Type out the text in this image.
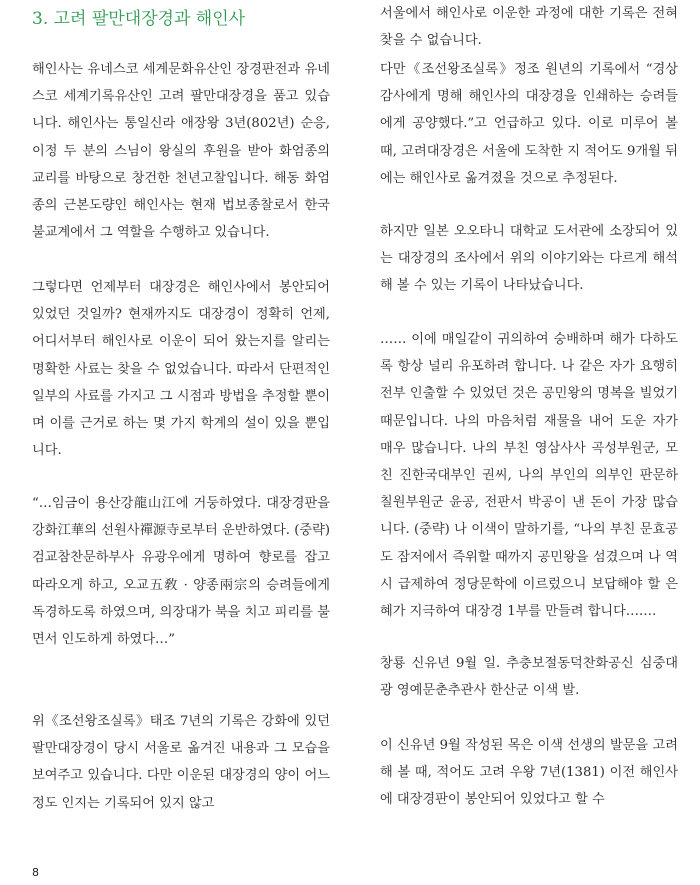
3. 고려 팔만대장경과 해인사

해인사는 유네스코 세계문화유산인 장경판전과 유네스코 세계기록유산인 고려 팔만대장경을 품고 있습니다. 해인사는 통일신라 애장왕 3년(802년) 순응, 이정 두 분의 스님이 왕실의 후원을 받아 화엄종의 교리를 바탕으로 창건한 천년고찰입니다. 해동 화엄종의 근본도량인 해인사는 현재 법보종찰로서 한국 불교계에서 그 역할을 수행하고 있습니다.

그렇다면 언제부터 대장경은 해인사에서 봉안되어 있었던 것일까? 현재까지도 대장경이 정확히 언제, 어디서부터 해인사로 이운이 되어 왔는지를 알리는 명확한 사료는 찾을 수 없었습니다. 따라서 단편적인 일부의 사료를 가지고 그 시점과 방법을 추정할 뿐이며 이를 근거로 하는 몇 가지 학계의 설이 있을 뿐입니다.

“…임금이 용산강龍山江에 거둥하였다. 대장경판을 강화江華의 선원사禪源寺로부터 운반하였다. (중략) 검교참찬문하부사 유광우에게 명하여 향로를 잡고 따라오게 하고, 오교五敎 · 양종兩宗의 승려들에게 독경하도록 하였으며, 의장대가 북을 치고 피리를 불면서 인도하게 하였다…”

위《조선왕조실록》태조 7년의 기록은 강화에 있던 팔만대장경이 당시 서울로 옮겨진 내용과 그 모습을 보여주고 있습니다. 다만 이운된 대장경의 양이 어느 정도 인지는 기록되어 있지 않고

서울에서 해인사로 이운한 과정에 대한 기록은 전혀 찾을 수 없습니다.

다만《조선왕조실록》정조 원년의 기록에서 “경상감사에게 명해 해인사의 대장경을 인쇄하는 승려들에게 공양했다.”고 언급하고 있다. 이로 미루어 볼 때, 고려대장경은 서울에 도착한 지 적어도 9개월 뒤에는 해인사로 옮겨졌을 것으로 추정된다.

하지만 일본 오오타니 대학교 도서관에 소장되어 있는 대장경의 조사에서 위의 이야기와는 다르게 해석해 볼 수 있는 기록이 나타났습니다.

…… 이에 매일같이 귀의하여 숭배하며 해가 다하도록 항상 널리 유포하려 합니다. 나 같은 자가 요행히 전부 인출할 수 있었던 것은 공민왕의 명복을 빌었기 때문입니다. 나의 마음처럼 재물을 내어 도운 자가 매우 많습니다. 나의 부친 영삼사사 곡성부원군, 모친 진한국대부인 권씨, 나의 부인의 의부인 판문하 칠원부원군 윤공, 전판서 박공이 낸 돈이 가장 많습니다. (중략) 나 이색이 말하기를, “나의 부친 문효공도 잠저에서 즉위할 때까지 공민왕을 섬겼으며 나 역시 급제하여 정당문학에 이르렀으니 보답해야 할 은혜가 지극하여 대장경 1부를 만들려 합니다.……

창룡 신유년 9월 일. 추충보절동덕찬화공신 심중대광 영예문춘추관사 한산군 이색 발.

이 신유년 9월 작성된 목은 이색 선생의 발문을 고려해 볼 때, 적어도 고려 우왕 7년(1381) 이전 해인사에 대장경판이 봉안되어 있었다고 할 수

8
